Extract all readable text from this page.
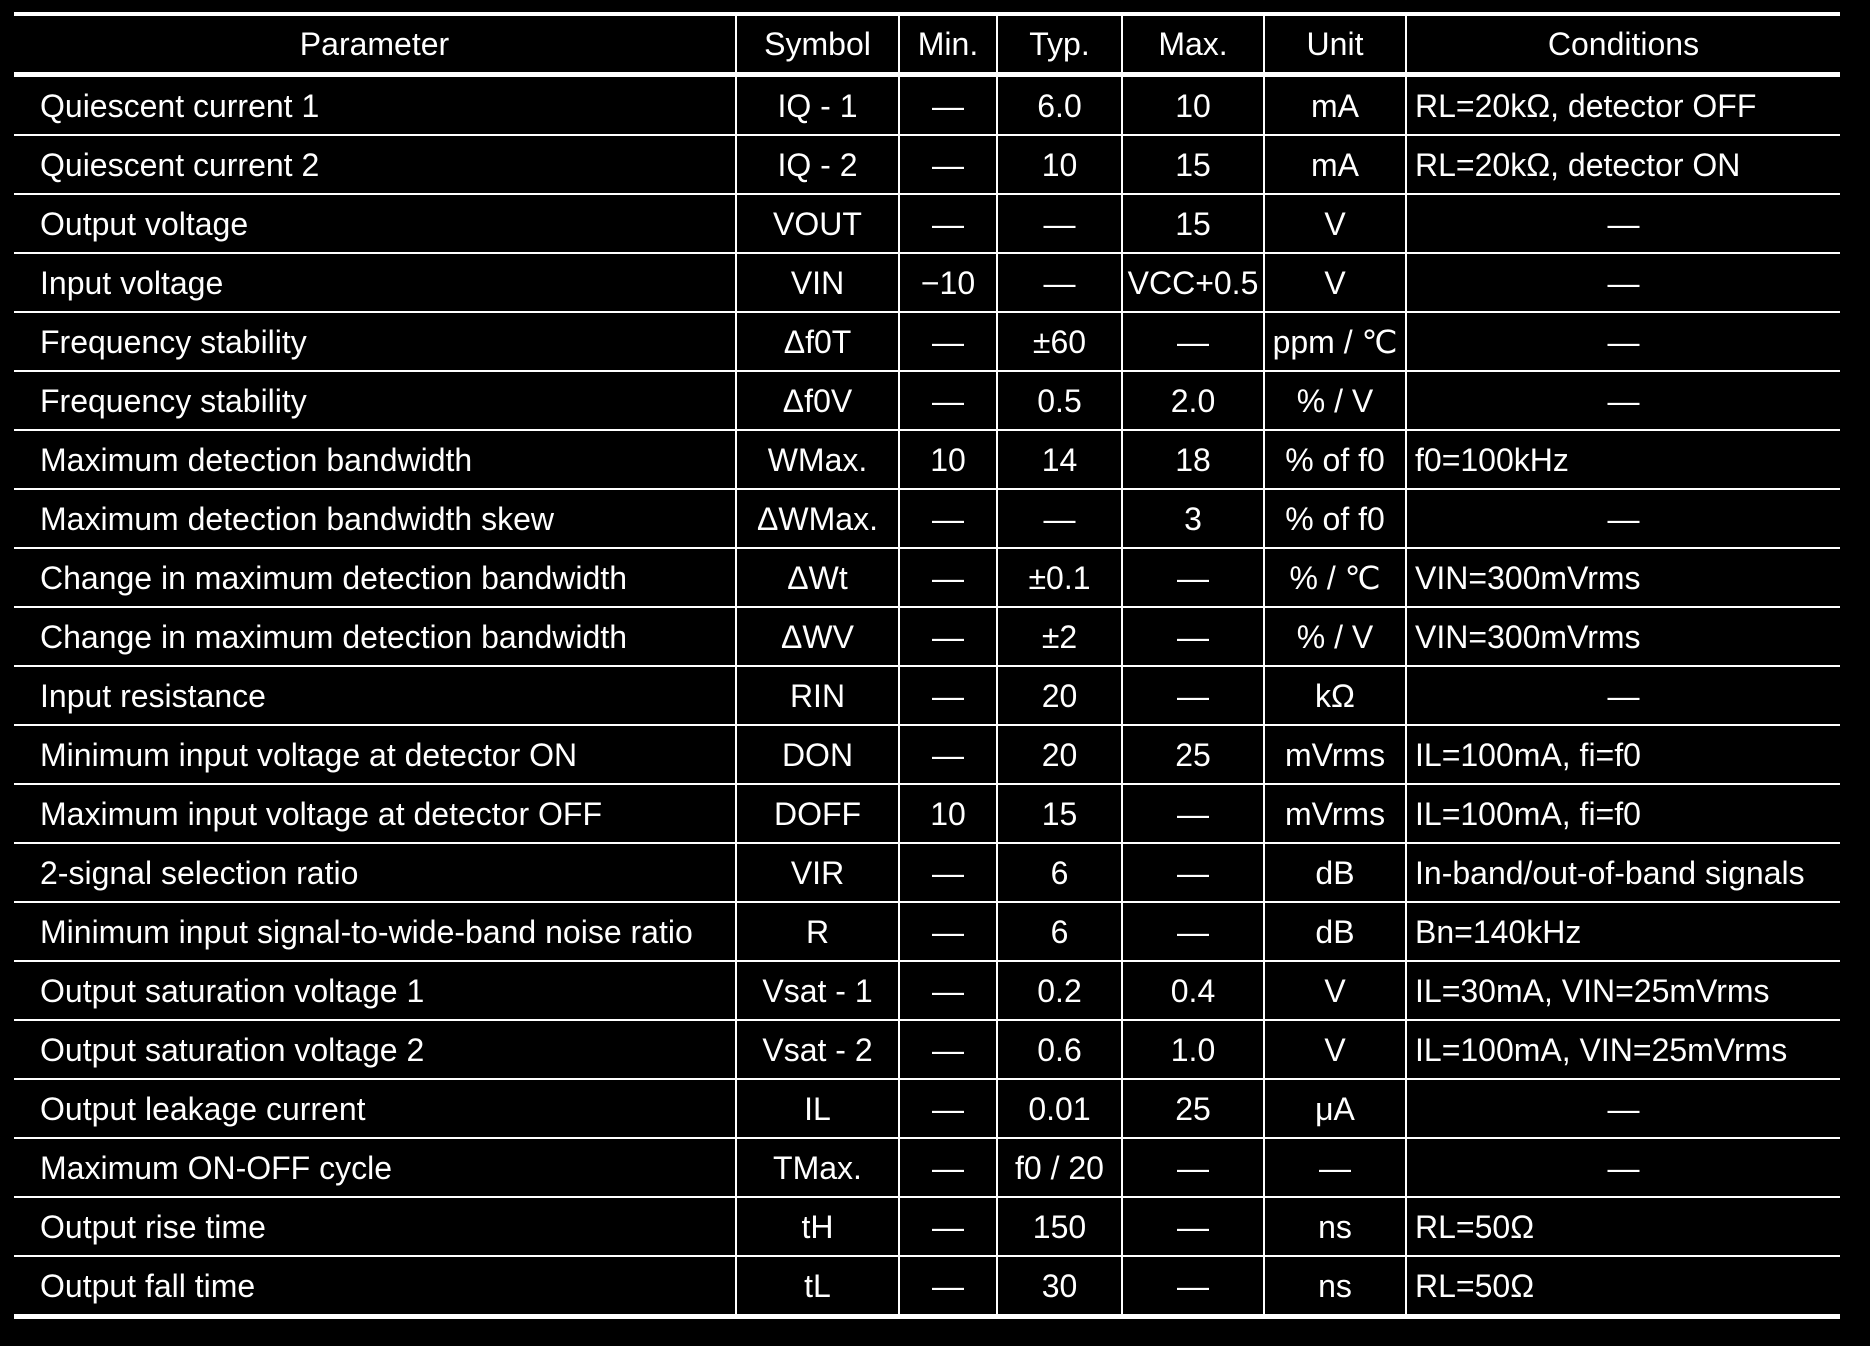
Parameter	Symbol	Min.	Typ.	Max.	Unit	Conditions
Quiescent current 1	IQ - 1	—	6.0	10	mA	RL=20kΩ, detector OFF
Quiescent current 2	IQ - 2	—	10	15	mA	RL=20kΩ, detector ON
Output voltage	VOUT	—	—	15	V	—
Input voltage	VIN	−10	—	VCC+0.5	V	—
Frequency stability	Δf0T	—	±60	—	ppm / ℃	—
Frequency stability	Δf0V	—	0.5	2.0	% / V	—
Maximum detection bandwidth	WMax.	10	14	18	% of f0	f0=100kHz
Maximum detection bandwidth skew	ΔWMax.	—	—	3	% of f0	—
Change in maximum detection bandwidth	ΔWt	—	±0.1	—	% / ℃	VIN=300mVrms
Change in maximum detection bandwidth	ΔWV	—	±2	—	% / V	VIN=300mVrms
Input resistance	RIN	—	20	—	kΩ	—
Minimum input voltage at detector ON	DON	—	20	25	mVrms	IL=100mA, fi=f0
Maximum input voltage at detector OFF	DOFF	10	15	—	mVrms	IL=100mA, fi=f0
2-signal selection ratio	VIR	—	6	—	dB	In-band/out-of-band signals
Minimum input signal-to-wide-band noise ratio	R	—	6	—	dB	Bn=140kHz
Output saturation voltage 1	Vsat - 1	—	0.2	0.4	V	IL=30mA, VIN=25mVrms
Output saturation voltage 2	Vsat - 2	—	0.6	1.0	V	IL=100mA, VIN=25mVrms
Output leakage current	IL	—	0.01	25	μA	—
Maximum ON-OFF cycle	TMax.	—	f0 / 20	—	—	—
Output rise time	tH	—	150	—	ns	RL=50Ω
Output fall time	tL	—	30	—	ns	RL=50Ω
